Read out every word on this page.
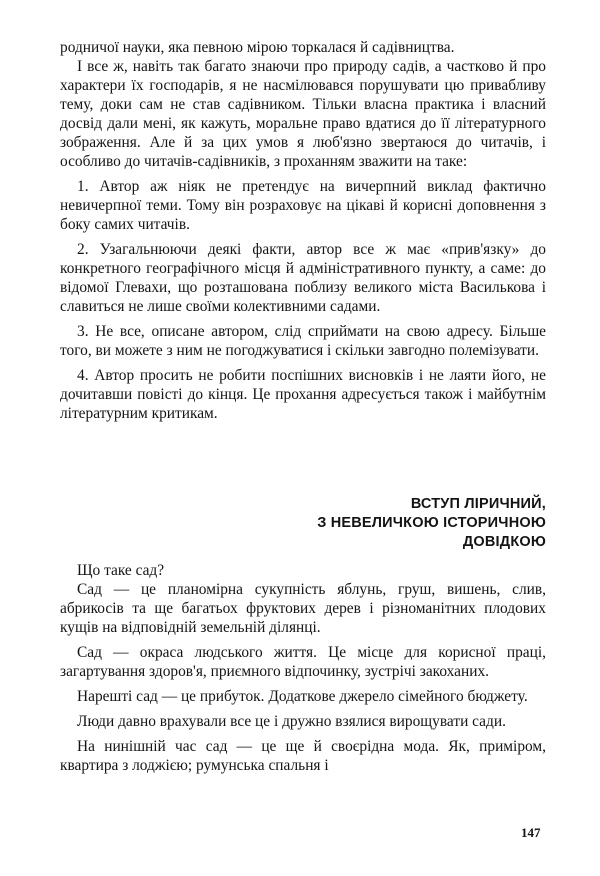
родничої науки, яка певною мірою торкалася й садівництва.

І все ж, навіть так багато знаючи про природу садів, а частково й про характери їх господарів, я не насмілювався порушувати цю привабливу тему, доки сам не став садівником. Тільки власна практика і власний досвід дали мені, як кажуть, моральне право вдатися до її літературного зображення. Але й за цих умов я люб'язно звертаюся до читачів, і особливо до читачів-садівників, з проханням зважити на таке:

1. Автор аж ніяк не претендує на вичерпний виклад фактично невичерпної теми. Тому він розраховує на цікаві й корисні доповнення з боку самих читачів.

2. Узагальнюючи деякі факти, автор все ж має «прив'язку» до конкретного географічного місця й адміністративного пункту, а саме: до відомої Глевахи, що розташована поблизу великого міста Василькова і славиться не лише своїми колективними садами.

3. Не все, описане автором, слід сприймати на свою адресу. Більше того, ви можете з ним не погоджуватися і скільки завгодно полемізувати.

4. Автор просить не робити поспішних висновків і не лаяти його, не дочитавши повісті до кінця. Це прохання адресується також і майбутнім літературним критикам.

ВСТУП ЛІРИЧНИЙ,
З НЕВЕЛИЧКОЮ ІСТОРИЧНОЮ
ДОВІДКОЮ

Що таке сад?

Сад — це планомірна сукупність яблунь, груш, вишень, слив, абрикосів та ще багатьох фруктових дерев і різноманітних плодових кущів на відповідній земельній ділянці.

Сад — окраса людського життя. Це місце для корисної праці, загартування здоров'я, приємного відпочинку, зустрічі закоханих.

Нарешті сад — це прибуток. Додаткове джерело сімейного бюджету.

Люди давно врахували все це і дружно взялися вирощувати сади.

На нинішній час сад — це ще й своєрідна мода. Як, приміром, квартира з лоджією; румунська спальня і

147
